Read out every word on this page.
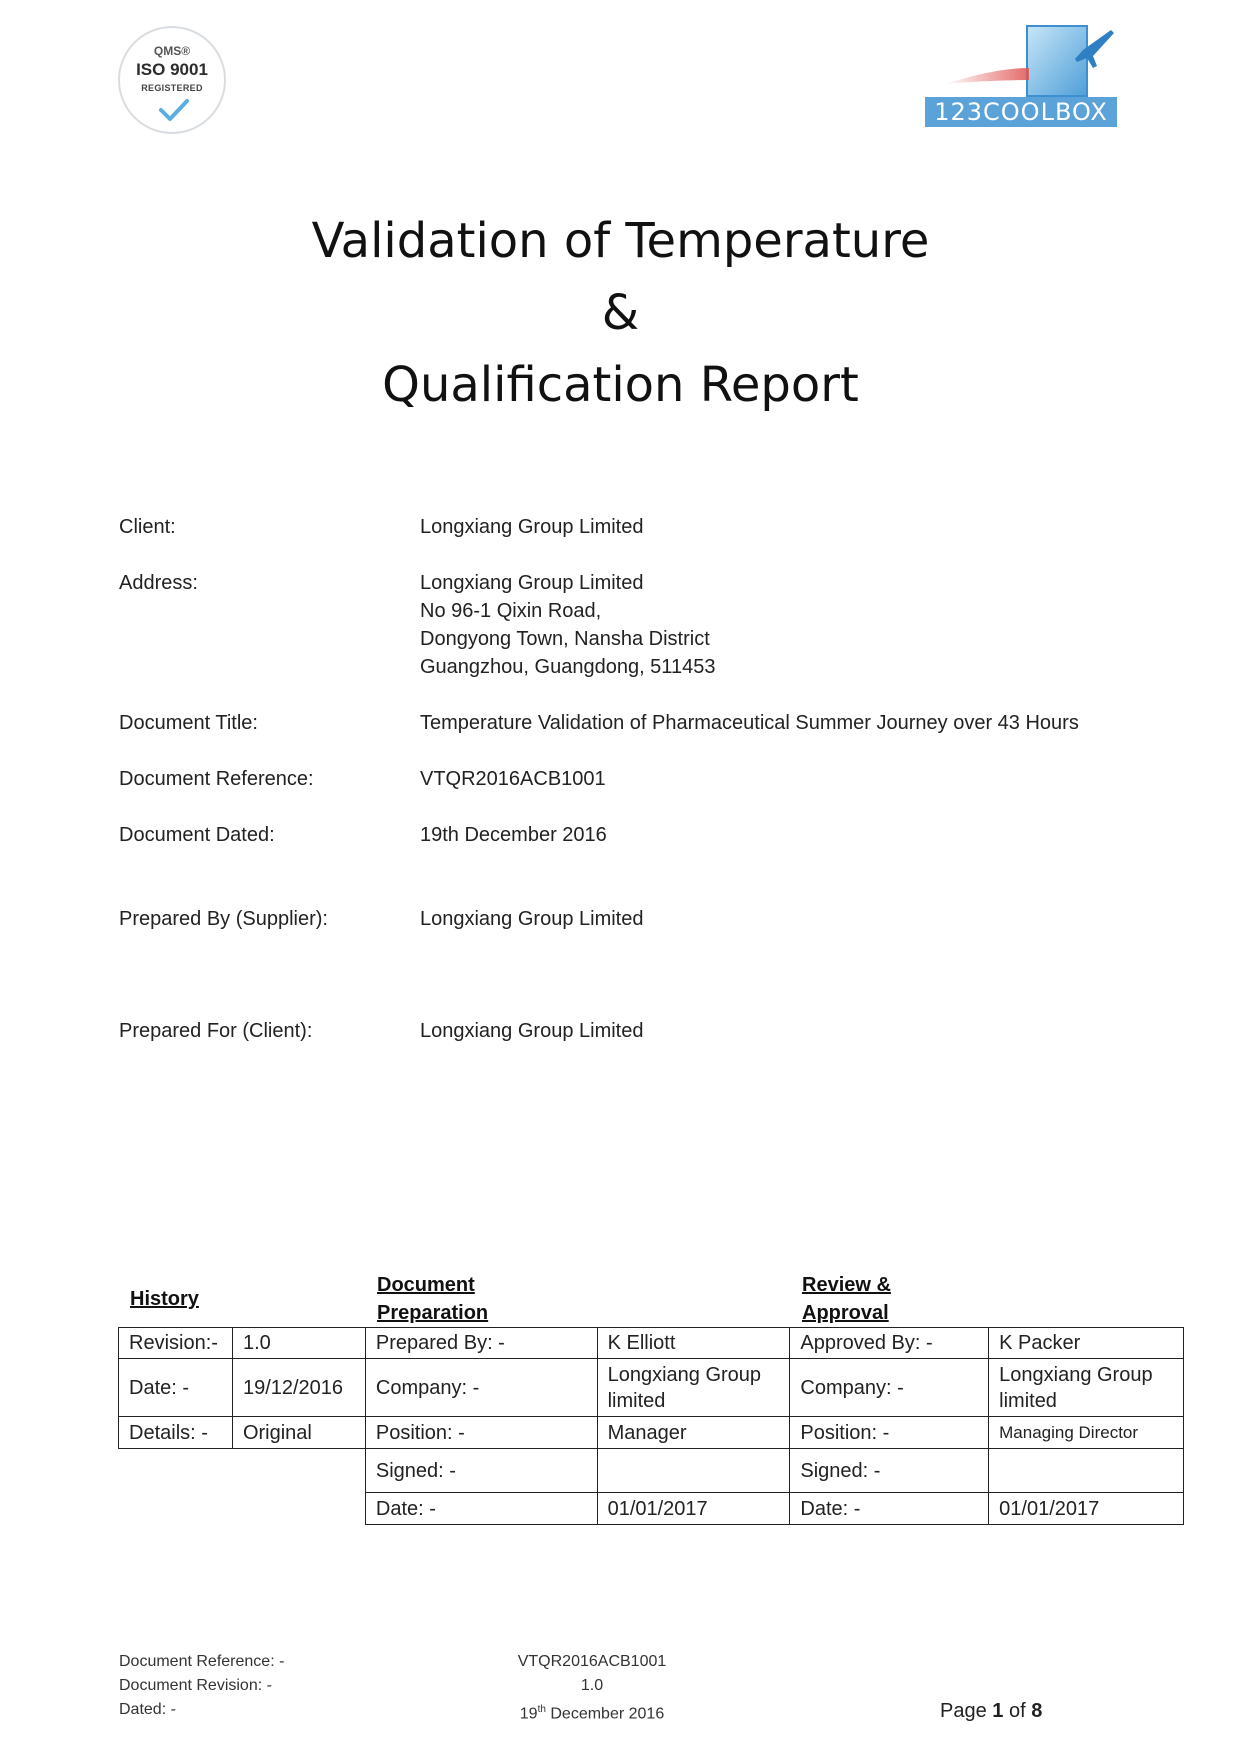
QMS®
ISO 9001
REGISTERED
123COOLBOX
Validation of Temperature
&
Qualification Report
Client:	Longxiang Group Limited
Address:	Longxiang Group Limited
No 96-1 Qixin Road,
Dongyong Town, Nansha District
Guangzhou, Guangdong, 511453
Document Title:	Temperature Validation of Pharmaceutical Summer Journey over 43 Hours
Document Reference:	VTQR2016ACB1001
Document Dated:	19th December 2016
Prepared By (Supplier):	Longxiang Group Limited
Prepared For (Client):	Longxiang Group Limited
History
Document
Preparation
Review &
Approval
Revision:-	1.0	Prepared By: -	K Elliott	Approved By: -	K Packer
Date: -	19/12/2016	Company: -	Longxiang Group limited	Company: -	Longxiang Group limited
Details: -	Original	Position: -	Manager	Position: -	Managing Director
		Signed: -		Signed: -	
		Date: -	01/01/2017	Date: -	01/01/2017
Document Reference: -
Document Revision: -
Dated: -
VTQR2016ACB1001
1.0
19th December 2016	Page 1 of 8
